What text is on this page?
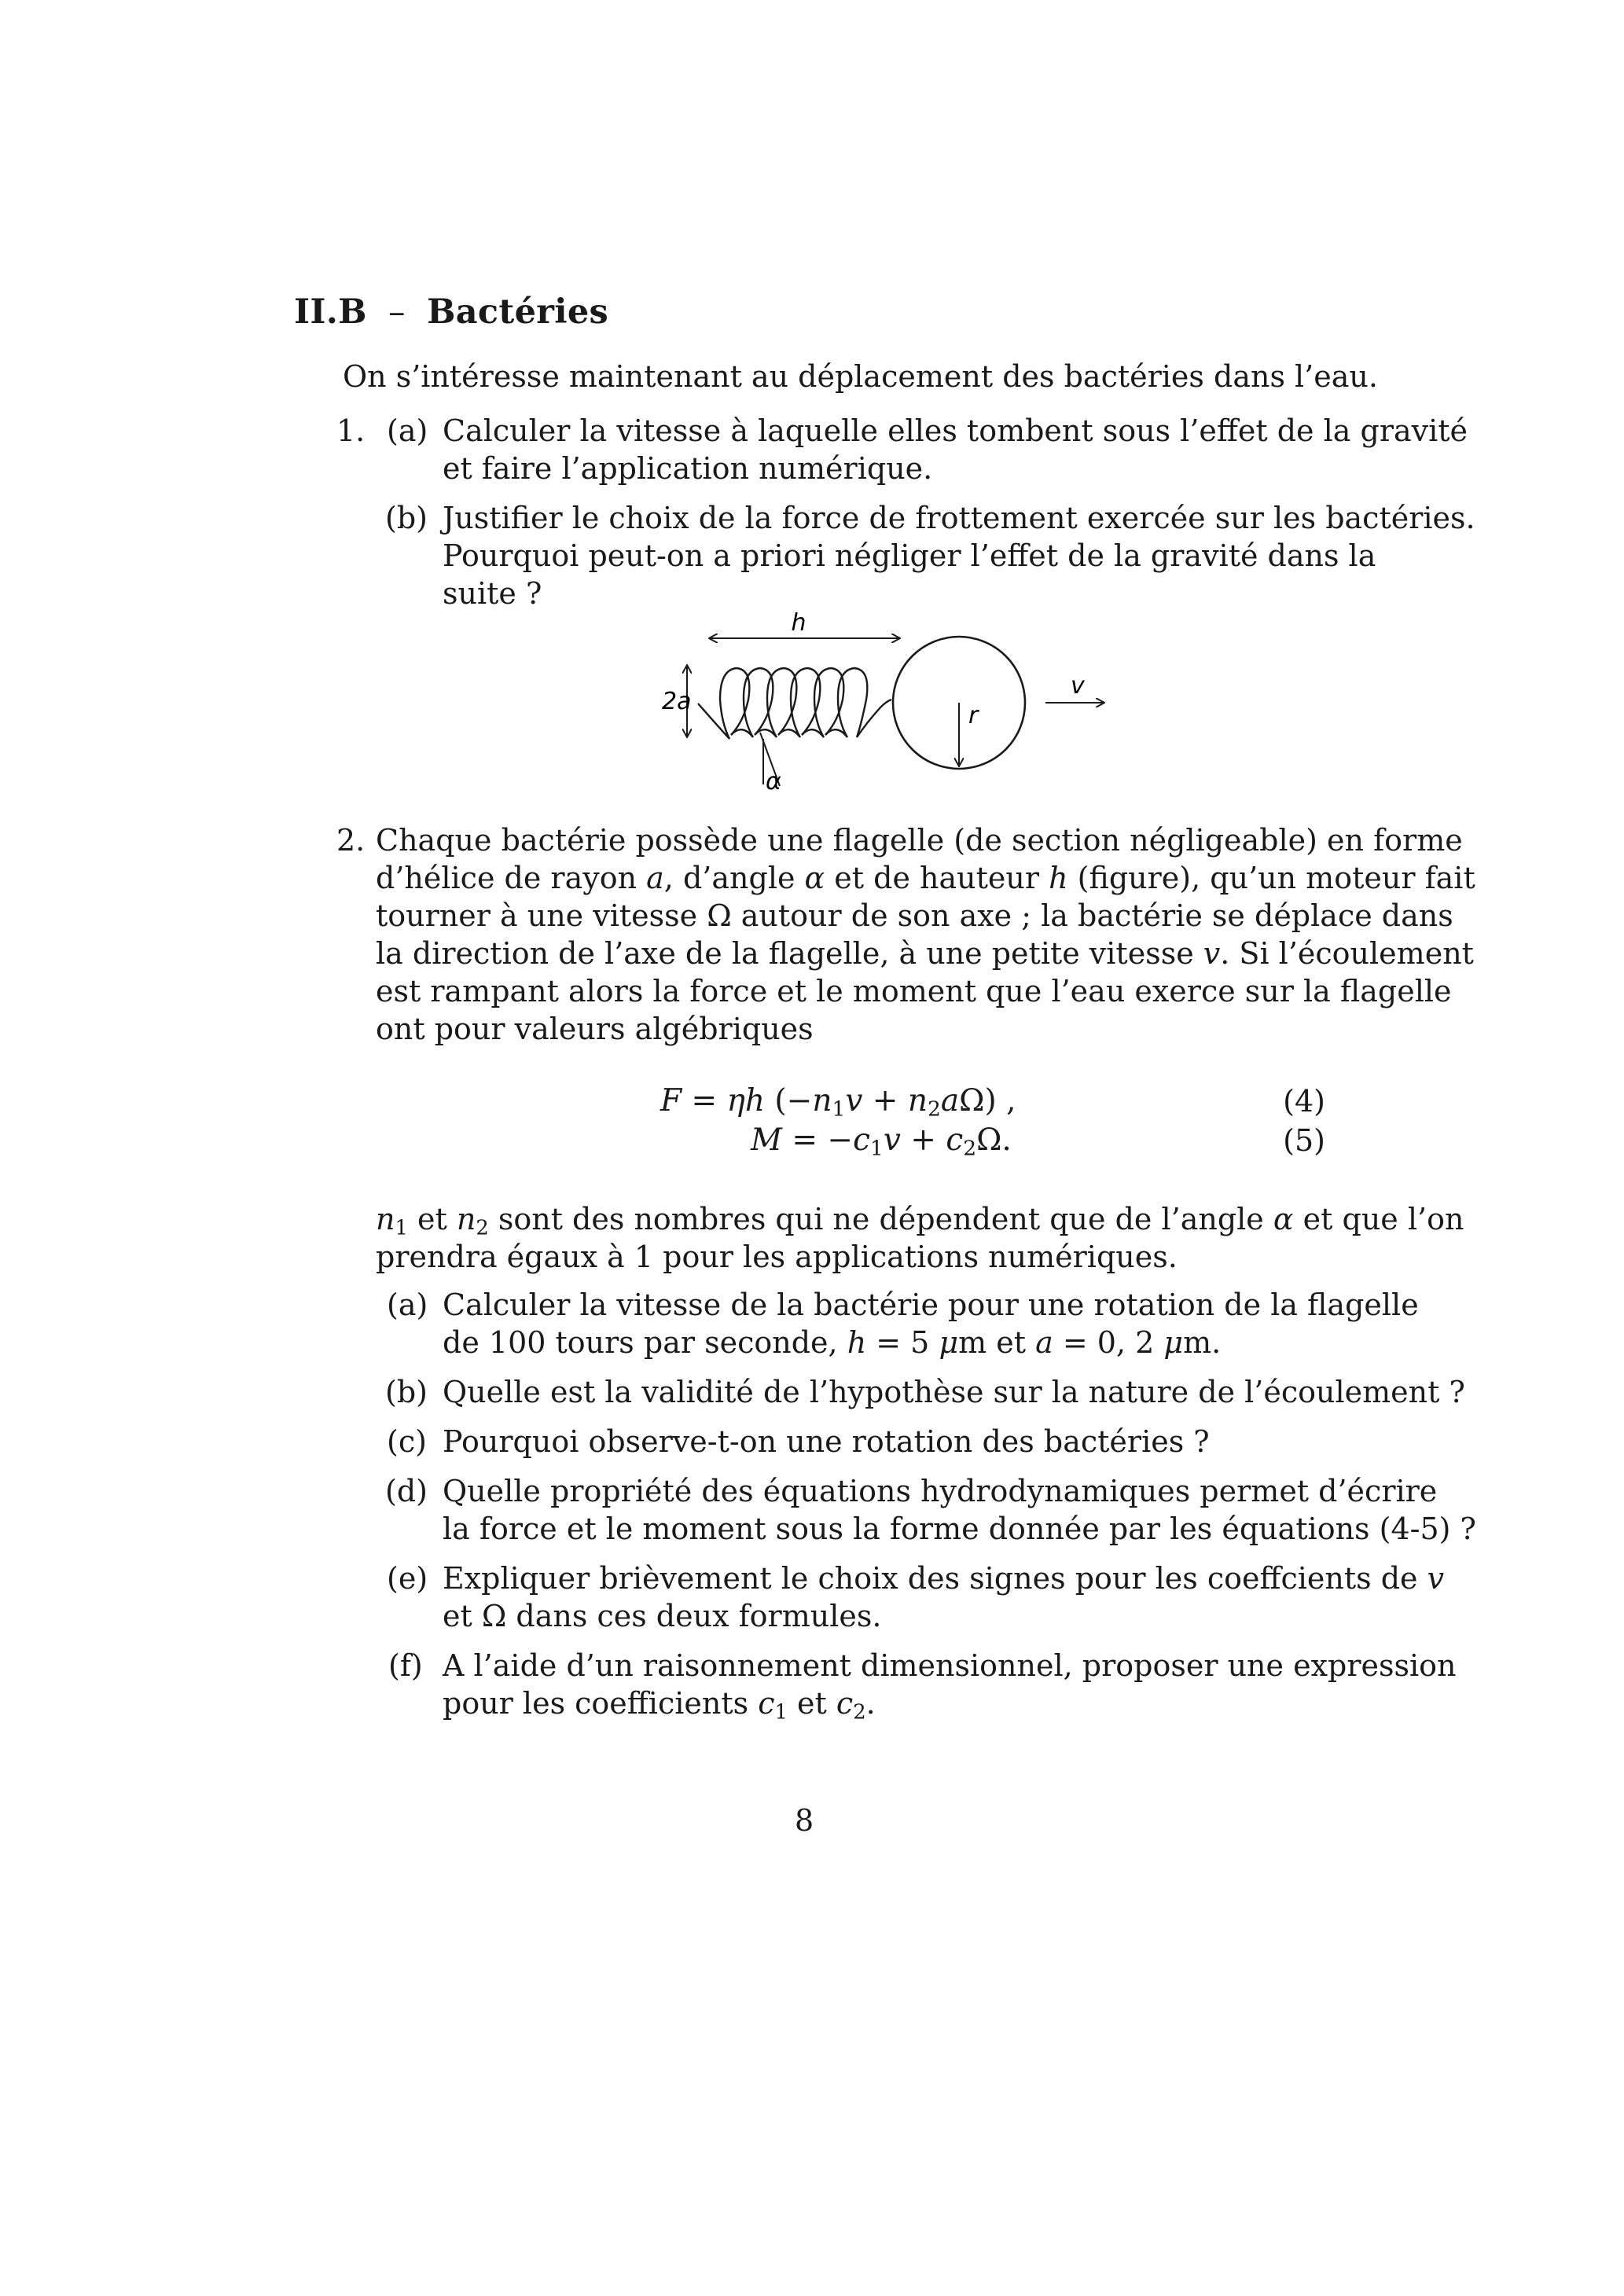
II.B – Bactéries
On s’intéresse maintenant au déplacement des bactéries dans l’eau.
1. (a) Calculer la vitesse à laquelle elles tombent sous l’effet de la gravité
et faire l’application numérique.
(b) Justifier le choix de la force de frottement exercée sur les bactéries.
Pourquoi peut-on a priori négliger l’effet de la gravité dans la
suite ?
h
2a
α
r
v
2. Chaque bactérie possède une flagelle (de section négligeable) en forme
d’hélice de rayon a, d’angle α et de hauteur h (figure), qu’un moteur fait
tourner à une vitesse Ω autour de son axe ; la bactérie se déplace dans
la direction de l’axe de la flagelle, à une petite vitesse v. Si l’écoulement
est rampant alors la force et le moment que l’eau exerce sur la flagelle
ont pour valeurs algébriques
F = ηh $(-n_1v + n_2a\Omega)$ ,	(4)
$M = -c_1v + c_2\Omega$.	(5)
$n_1$ et $n_2$ sont des nombres qui ne dépendent que de l’angle α et que l’on
prendra égaux à 1 pour les applications numériques.
(a) Calculer la vitesse de la bactérie pour une rotation de la flagelle
de 100 tours par seconde, h = 5 μm et a = 0, 2 μm.
(b) Quelle est la validité de l’hypothèse sur la nature de l’écoulement ?
(c) Pourquoi observe-t-on une rotation des bactéries ?
(d) Quelle propriété des équations hydrodynamiques permet d’écrire
la force et le moment sous la forme donnée par les équations (4-5) ?
(e) Expliquer brièvement le choix des signes pour les coeffcients de v
et Ω dans ces deux formules.
(f) A l’aide d’un raisonnement dimensionnel, proposer une expression
pour les coefficients $c_1$ et $c_2$.
8
